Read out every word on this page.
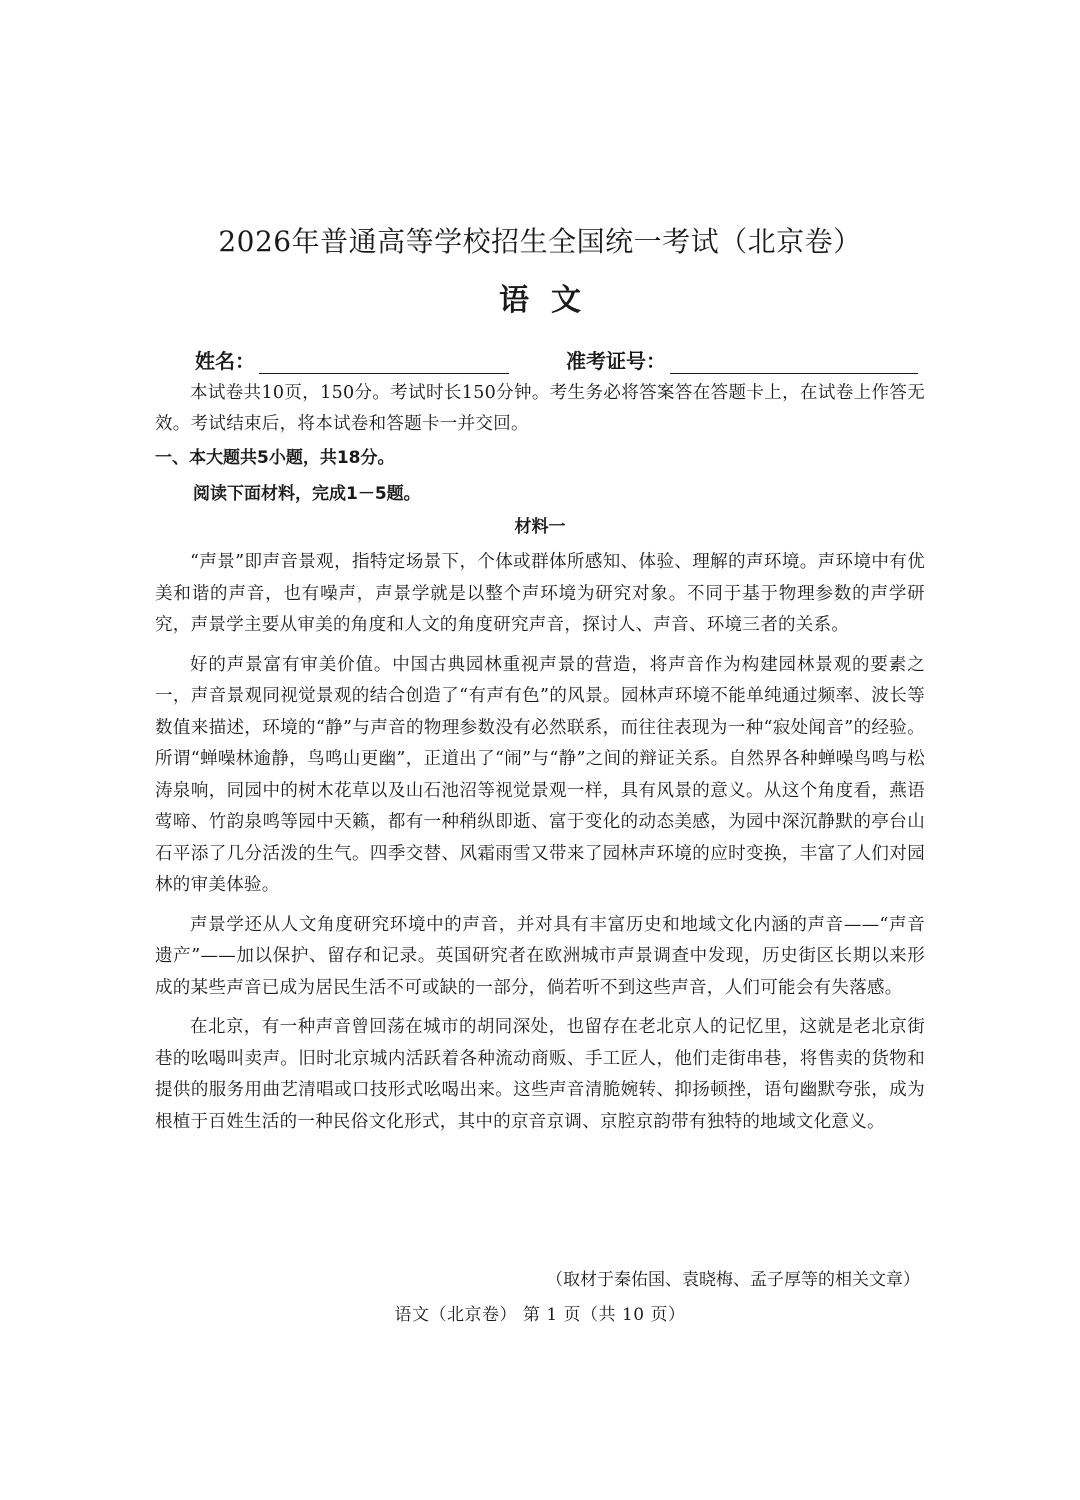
2026年普通高等学校招生全国统一考试（北京卷）
语文
姓名：	准考证号：
本试卷共10页，150分。考试时长150分钟。考生务必将答案答在答题卡上，在试卷上作答无效。考试结束后，将本试卷和答题卡一并交回。
一、本大题共5小题，共18分。
阅读下面材料，完成1－5题。
材料一

“声景”即声音景观，指特定场景下，个体或群体所感知、体验、理解的声环境。声环境中有优美和谐的声音，也有噪声，声景学就是以整个声环境为研究对象。不同于基于物理参数的声学研究，声景学主要从审美的角度和人文的角度研究声音，探讨人、声音、环境三者的关系。

好的声景富有审美价值。中国古典园林重视声景的营造，将声音作为构建园林景观的要素之一，声音景观同视觉景观的结合创造了“有声有色”的风景。园林声环境不能单纯通过频率、波长等数值来描述，环境的“静”与声音的物理参数没有必然联系，而往往表现为一种“寂处闻音”的经验。所谓“蝉噪林逾静，鸟鸣山更幽”，正道出了“闹”与“静”之间的辩证关系。自然界各种蝉噪鸟鸣与松涛泉响，同园中的树木花草以及山石池沼等视觉景观一样，具有风景的意义。从这个角度看，燕语莺啼、竹韵泉鸣等园中天籁，都有一种稍纵即逝、富于变化的动态美感，为园中深沉静默的亭台山石平添了几分活泼的生气。四季交替、风霜雨雪又带来了园林声环境的应时变换，丰富了人们对园林的审美体验。

声景学还从人文角度研究环境中的声音，并对具有丰富历史和地域文化内涵的声音——“声音遗产”——加以保护、留存和记录。英国研究者在欧洲城市声景调查中发现，历史街区长期以来形成的某些声音已成为居民生活不可或缺的一部分，倘若听不到这些声音，人们可能会有失落感。

在北京，有一种声音曾回荡在城市的胡同深处，也留存在老北京人的记忆里，这就是老北京街巷的吆喝叫卖声。旧时北京城内活跃着各种流动商贩、手工匠人，他们走街串巷，将售卖的货物和提供的服务用曲艺清唱或口技形式吆喝出来。这些声音清脆婉转、抑扬顿挫，语句幽默夸张，成为根植于百姓生活的一种民俗文化形式，其中的京音京调、京腔京韵带有独特的地域文化意义。

（取材于秦佑国、袁晓梅、孟子厚等的相关文章）
语文（北京卷） 第 1 页（共 10 页）
